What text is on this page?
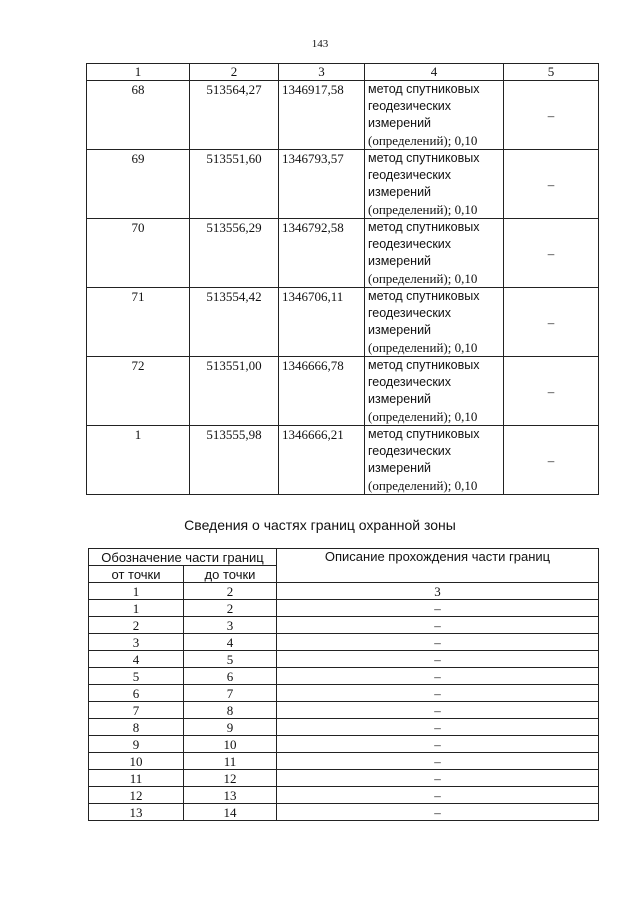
143
1	2	3	4	5
68	513564,27	1346917,58	метод спутниковых
геодезических
измерений
(определений); 0,10	–
69	513551,60	1346793,57	метод спутниковых
геодезических
измерений
(определений); 0,10	–
70	513556,29	1346792,58	метод спутниковых
геодезических
измерений
(определений); 0,10	–
71	513554,42	1346706,11	метод спутниковых
геодезических
измерений
(определений); 0,10	–
72	513551,00	1346666,78	метод спутниковых
геодезических
измерений
(определений); 0,10	–
1	513555,98	1346666,21	метод спутниковых
геодезических
измерений
(определений); 0,10	–
Сведения о частях границ охранной зоны
Обозначение части границ		Описание прохождения части границ
от точки	до точки	
1	2	3
1	2	–
2	3	–
3	4	–
4	5	–
5	6	–
6	7	–
7	8	–
8	9	–
9	10	–
10	11	–
11	12	–
12	13	–
13	14	–
